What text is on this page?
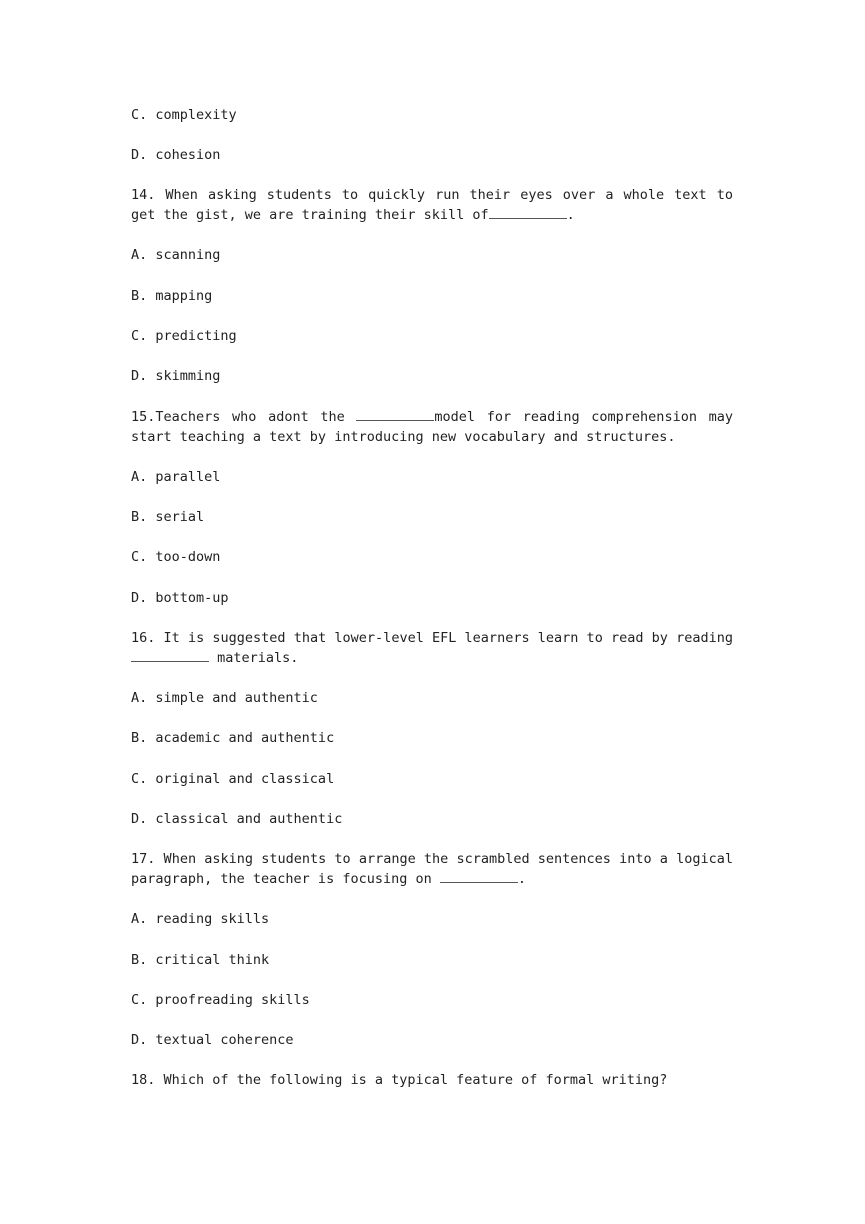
C. complexity
D. cohesion
14. When asking students to quickly run their eyes over a whole text to get the gist, we are training their skill of	.
A. scanning
B. mapping
C. predicting
D. skimming
15.Teachers who adont the	model for reading comprehension may start teaching a text by introducing new vocabulary and structures.
A. parallel
B. serial
C. too-down
D. bottom-up
16. It is suggested that lower-level EFL learners learn to read by reading  materials.
A. simple and authentic
B. academic and authentic
C. original and classical
D. classical and authentic
17. When asking students to arrange the scrambled sentences into a logical paragraph, the teacher is focusing on	.
A. reading skills
B. critical think
C. proofreading skills
D. textual coherence
18. Which of the following is a typical feature of formal writing?
